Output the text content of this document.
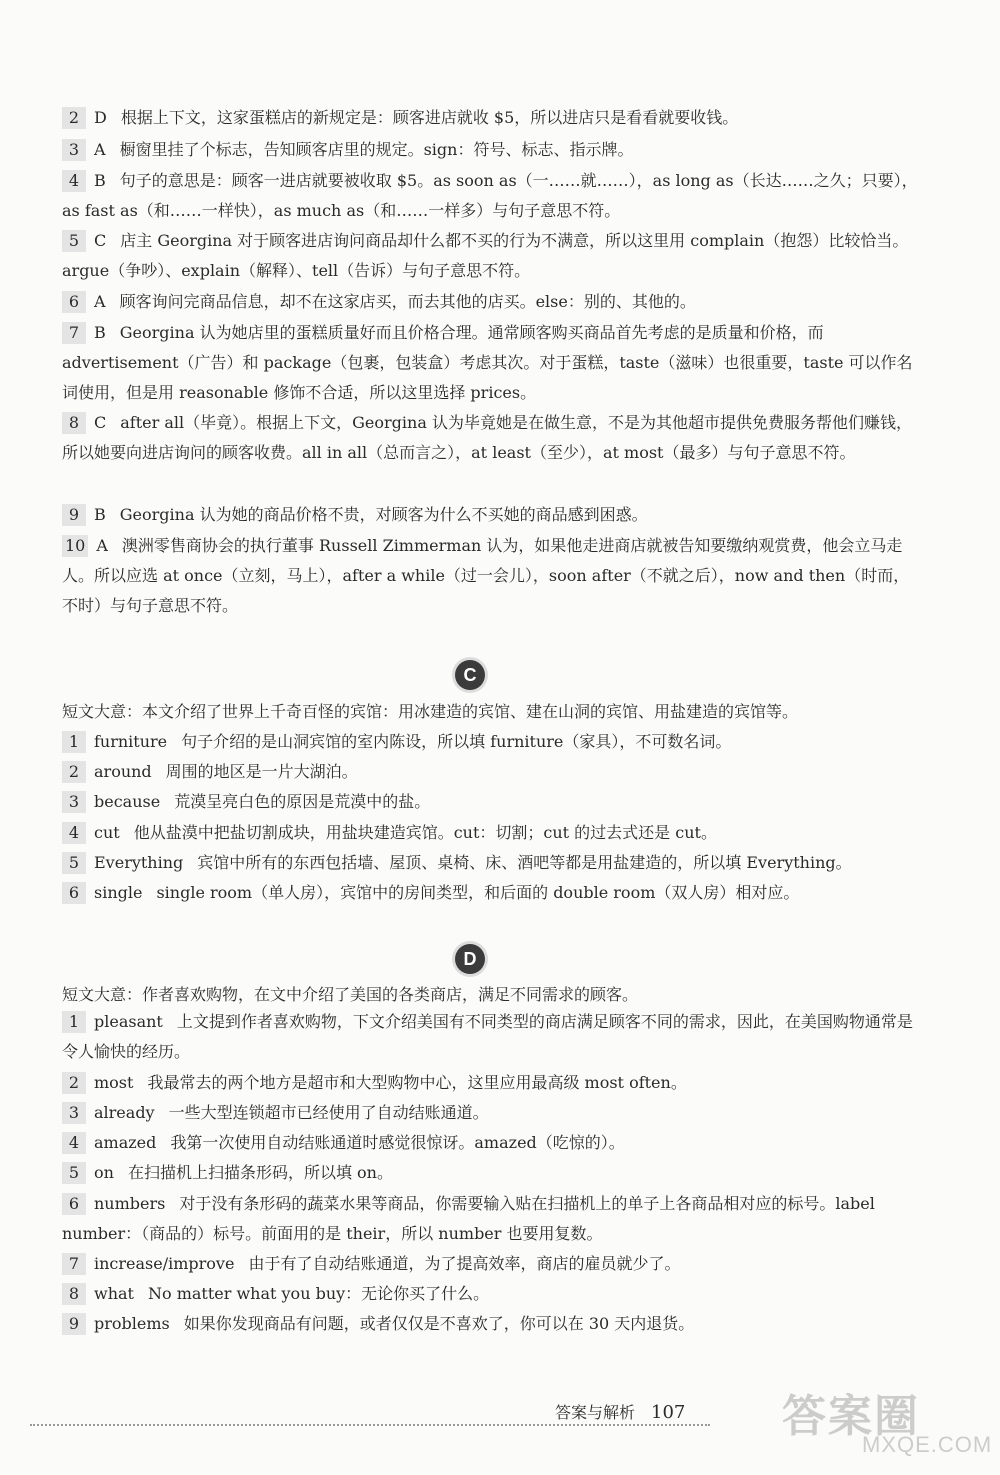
2 D 根据上下文，这家蛋糕店的新规定是：顾客进店就收 $5，所以进店只是看看就要收钱。
3 A 橱窗里挂了个标志，告知顾客店里的规定。sign：符号、标志、指示牌。
4 B 句子的意思是：顾客一进店就要被收取 $5。as soon as（一……就……），as long as（长达……之久；只要），as fast as（和……一样快），as much as（和……一样多）与句子意思不符。
5 C 店主 Georgina 对于顾客进店询问商品却什么都不买的行为不满意，所以这里用 complain（抱怨）比较恰当。argue（争吵）、explain（解释）、tell（告诉）与句子意思不符。
6 A 顾客询问完商品信息，却不在这家店买，而去其他的店买。else：别的、其他的。
7 B Georgina 认为她店里的蛋糕质量好而且价格合理。通常顾客购买商品首先考虑的是质量和价格，而 advertisement（广告）和 package（包裹，包装盒）考虑其次。对于蛋糕，taste（滋味）也很重要，taste 可以作名词使用，但是用 reasonable 修饰不合适，所以这里选择 prices。
8 C after all（毕竟）。根据上下文，Georgina 认为毕竟她是在做生意，不是为其他超市提供免费服务帮他们赚钱，所以她要向进店询问的顾客收费。all in all（总而言之），at least（至少），at most（最多）与句子意思不符。
9 B Georgina 认为她的商品价格不贵，对顾客为什么不买她的商品感到困惑。
10 A 澳洲零售商协会的执行董事 Russell Zimmerman 认为，如果他走进商店就被告知要缴纳观赏费，他会立马走人。所以应选 at once（立刻，马上），after a while（过一会儿），soon after（不就之后），now and then（时而，不时）与句子意思不符。
C
短文大意：本文介绍了世界上千奇百怪的宾馆：用冰建造的宾馆、建在山洞的宾馆、用盐建造的宾馆等。
1 furniture 句子介绍的是山洞宾馆的室内陈设，所以填 furniture（家具），不可数名词。
2 around 周围的地区是一片大湖泊。
3 because 荒漠呈亮白色的原因是荒漠中的盐。
4 cut 他从盐漠中把盐切割成块，用盐块建造宾馆。cut：切割；cut 的过去式还是 cut。
5 Everything 宾馆中所有的东西包括墙、屋顶、桌椅、床、酒吧等都是用盐建造的，所以填 Everything。
6 single single room（单人房），宾馆中的房间类型，和后面的 double room（双人房）相对应。
D
短文大意：作者喜欢购物，在文中介绍了美国的各类商店，满足不同需求的顾客。
1 pleasant 上文提到作者喜欢购物，下文介绍美国有不同类型的商店满足顾客不同的需求，因此，在美国购物通常是令人愉快的经历。
2 most 我最常去的两个地方是超市和大型购物中心，这里应用最高级 most often。
3 already 一些大型连锁超市已经使用了自动结账通道。
4 amazed 我第一次使用自动结账通道时感觉很惊讶。amazed（吃惊的）。
5 on 在扫描机上扫描条形码，所以填 on。
6 numbers 对于没有条形码的蔬菜水果等商品，你需要输入贴在扫描机上的单子上各商品相对应的标号。label number：（商品的）标号。前面用的是 their，所以 number 也要用复数。
7 increase/improve 由于有了自动结账通道，为了提高效率，商店的雇员就少了。
8 what No matter what you buy：无论你买了什么。
9 problems 如果你发现商品有问题，或者仅仅是不喜欢了，你可以在 30 天内退货。
答案与解析 107 答案圈
MXQE.COM
